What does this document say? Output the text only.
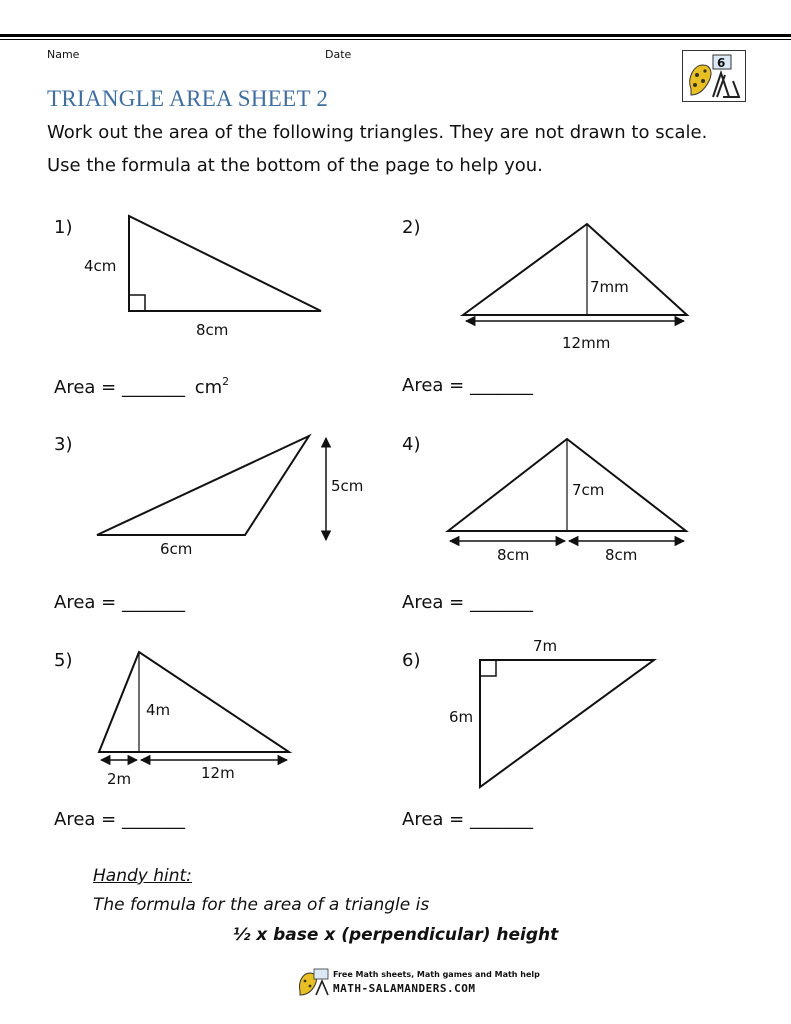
Name	Date
6
TRIANGLE AREA SHEET 2
Work out the area of the following triangles. They are not drawn to scale.
Use the formula at the bottom of the page to help you.
1)	2)
3)	4)
5)	6)
Area = _______ $cm^2$	Area = _______
Area = _______	Area = _______
Area = _______	Area = _______
4cm
8cm
7mm
12mm
5cm
6cm
7cm
8cm	8cm
4m
2m	12m
7m
6m
Handy hint:
The formula for the area of a triangle is
½ x base x (perpendicular) height
Free Math sheets, Math games and Math help
MATH-SALAMANDERS.COM
